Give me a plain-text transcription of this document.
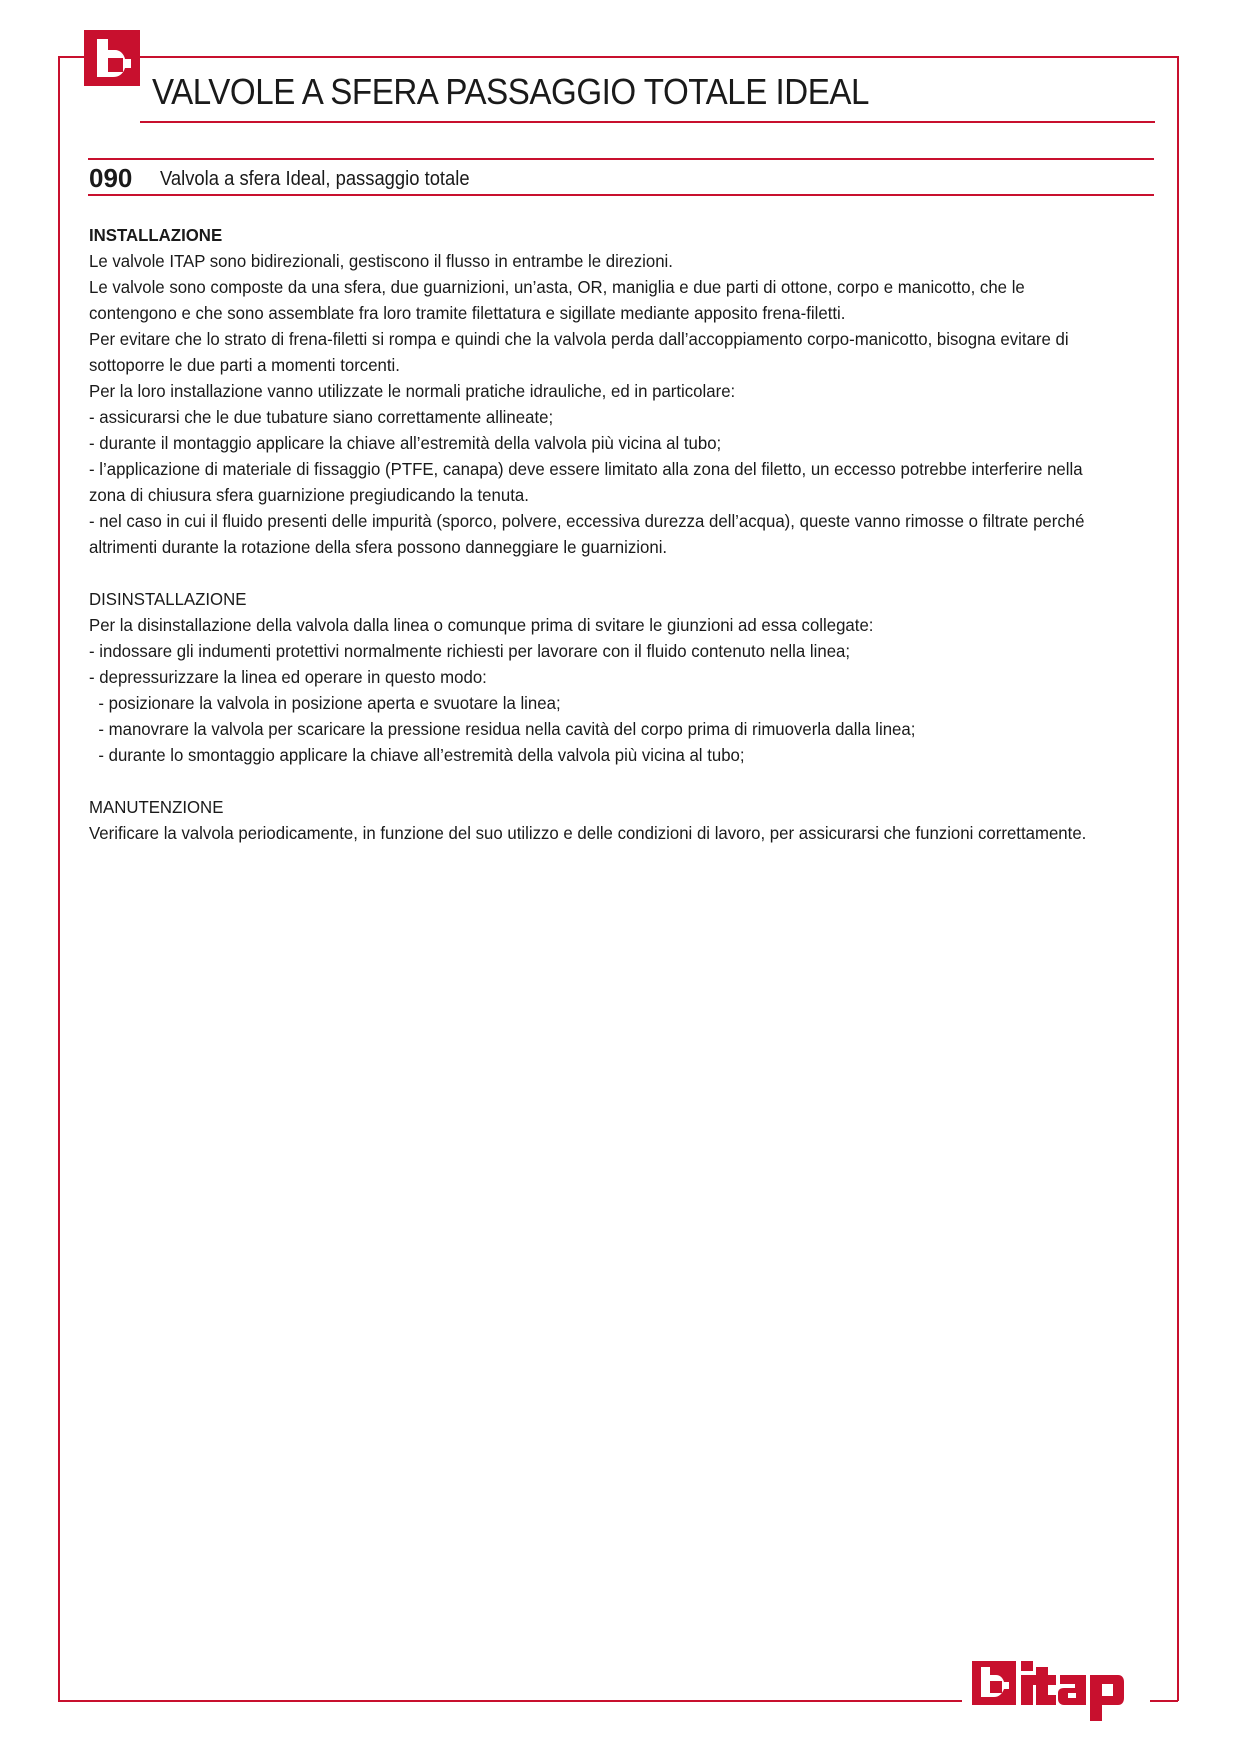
VALVOLE A SFERA PASSAGGIO TOTALE IDEAL
090 Valvola a sfera Ideal, passaggio totale
INSTALLAZIONE

Le valvole ITAP sono bidirezionali, gestiscono il flusso in entrambe le direzioni.

Le valvole sono composte da una sfera, due guarnizioni, un’asta, OR, maniglia e due parti di ottone, corpo e manicotto, che le contengono e che sono assemblate fra loro tramite filettatura e sigillate mediante apposito frena-filetti.

Per evitare che lo strato di frena-filetti si rompa e quindi che la valvola perda dall’accoppiamento corpo-manicotto, bisogna evitare di sottoporre le due parti a momenti torcenti.

Per la loro installazione vanno utilizzate le normali pratiche idrauliche, ed in particolare:

- assicurarsi che le due tubature siano correttamente allineate;

- durante il montaggio applicare la chiave all’estremità della valvola più vicina al tubo;

- l’applicazione di materiale di fissaggio (PTFE, canapa) deve essere limitato alla zona del filetto, un eccesso potrebbe interferire nella zona di chiusura sfera guarnizione pregiudicando la tenuta.

- nel caso in cui il fluido presenti delle impurità (sporco, polvere, eccessiva durezza dell’acqua), queste vanno rimosse o filtrate perché altrimenti durante la rotazione della sfera possono danneggiare le guarnizioni.

DISINSTALLAZIONE

Per la disinstallazione della valvola dalla linea o comunque prima di svitare le giunzioni ad essa collegate:

- indossare gli indumenti protettivi normalmente richiesti per lavorare con il fluido contenuto nella linea;

- depressurizzare la linea ed operare in questo modo:

- posizionare la valvola in posizione aperta e svuotare la linea;

- manovrare la valvola per scaricare la pressione residua nella cavità del corpo prima di rimuoverla dalla linea;

- durante lo smontaggio applicare la chiave all’estremità della valvola più vicina al tubo;

MANUTENZIONE

Verificare la valvola periodicamente, in funzione del suo utilizzo e delle condizioni di lavoro, per assicurarsi che funzioni correttamente.
